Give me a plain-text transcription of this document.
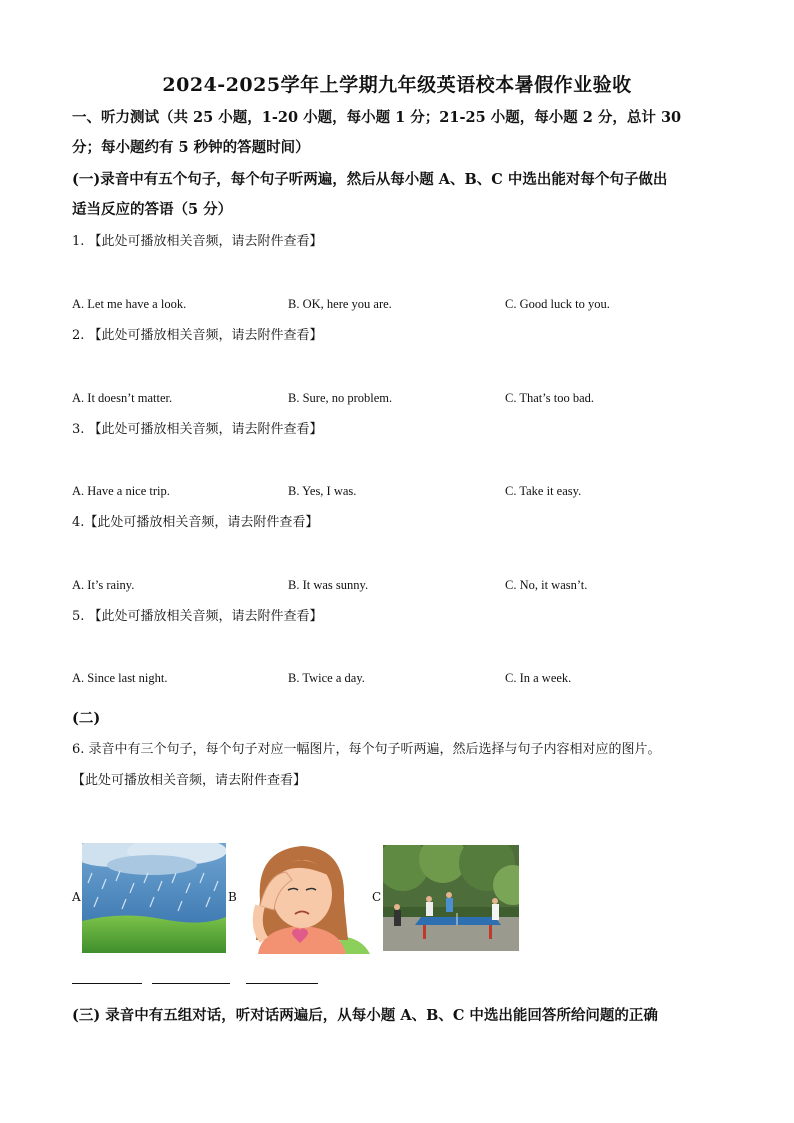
2024-2025学年上学期九年级英语校本暑假作业验收
一、听力测试（共 25 小题，1-20 小题，每小题 1 分；21-25 小题，每小题 2 分，总计 30
分；每小题约有 5 秒钟的答题时间）
(一)录音中有五个句子，每个句子听两遍，然后从每小题 A、B、C 中选出能对每个句子做出
适当反应的答语（5 分）
1. 【此处可播放相关音频，请去附件查看】
A. Let me have a look.	B. OK, here you are.	C. Good luck to you.
2. 【此处可播放相关音频，请去附件查看】
A. It doesn’t matter.	B. Sure, no problem.	C. That’s too bad.
3. 【此处可播放相关音频，请去附件查看】
A. Have a nice trip.	B. Yes, I was.	C. Take it easy.
4.【此处可播放相关音频，请去附件查看】
A. It’s rainy.	B. It was sunny.	C. No, it wasn’t.
5. 【此处可播放相关音频，请去附件查看】
A. Since last night.	B. Twice a day.	C. In a week.
(二)
6. 录音中有三个句子，每个句子对应一幅图片，每个句子听两遍，然后选择与句子内容相对应的图片。
【此处可播放相关音频，请去附件查看】
A	B	C
(三) 录音中有五组对话，听对话两遍后，从每小题 A、B、C 中选出能回答所给问题的正确
